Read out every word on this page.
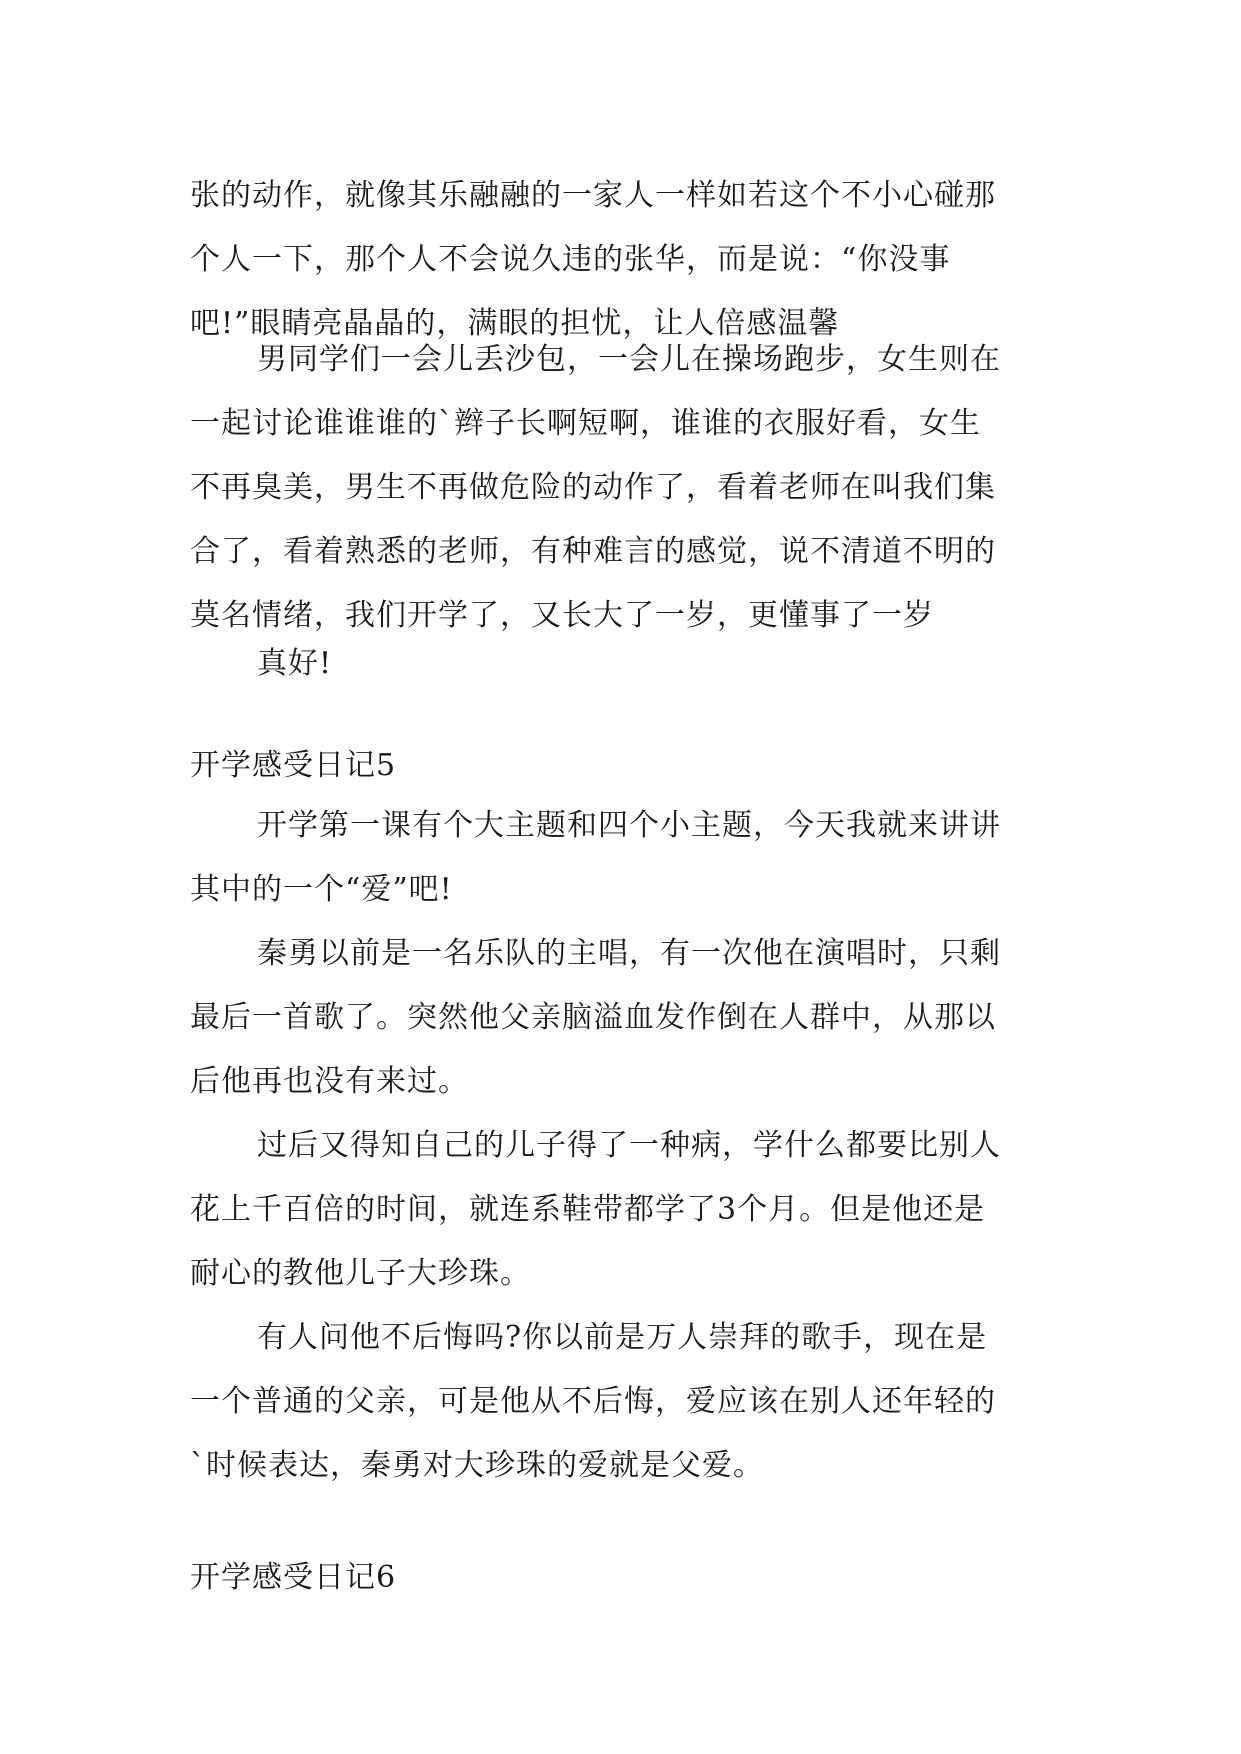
张的动作，就像其乐融融的一家人一样如若这个不小心碰那
个人一下，那个人不会说久违的张华，而是说：“你没事
吧!”眼睛亮晶晶的，满眼的担忧，让人倍感温馨
男同学们一会儿丢沙包，一会儿在操场跑步，女生则在
一起讨论谁谁谁的`辫子长啊短啊，谁谁的衣服好看，女生
不再臭美，男生不再做危险的动作了，看着老师在叫我们集
合了，看着熟悉的老师，有种难言的感觉，说不清道不明的
莫名情绪，我们开学了，又长大了一岁，更懂事了一岁
真好!
开学感受日记5
开学第一课有个大主题和四个小主题，今天我就来讲讲
其中的一个“爱”吧!
秦勇以前是一名乐队的主唱，有一次他在演唱时，只剩
最后一首歌了。突然他父亲脑溢血发作倒在人群中，从那以
后他再也没有来过。
过后又得知自己的儿子得了一种病，学什么都要比别人
花上千百倍的时间，就连系鞋带都学了3个月。但是他还是
耐心的教他儿子大珍珠。
有人问他不后悔吗?你以前是万人崇拜的歌手，现在是
一个普通的父亲，可是他从不后悔，爱应该在别人还年轻的
`时候表达，秦勇对大珍珠的爱就是父爱。
开学感受日记6
